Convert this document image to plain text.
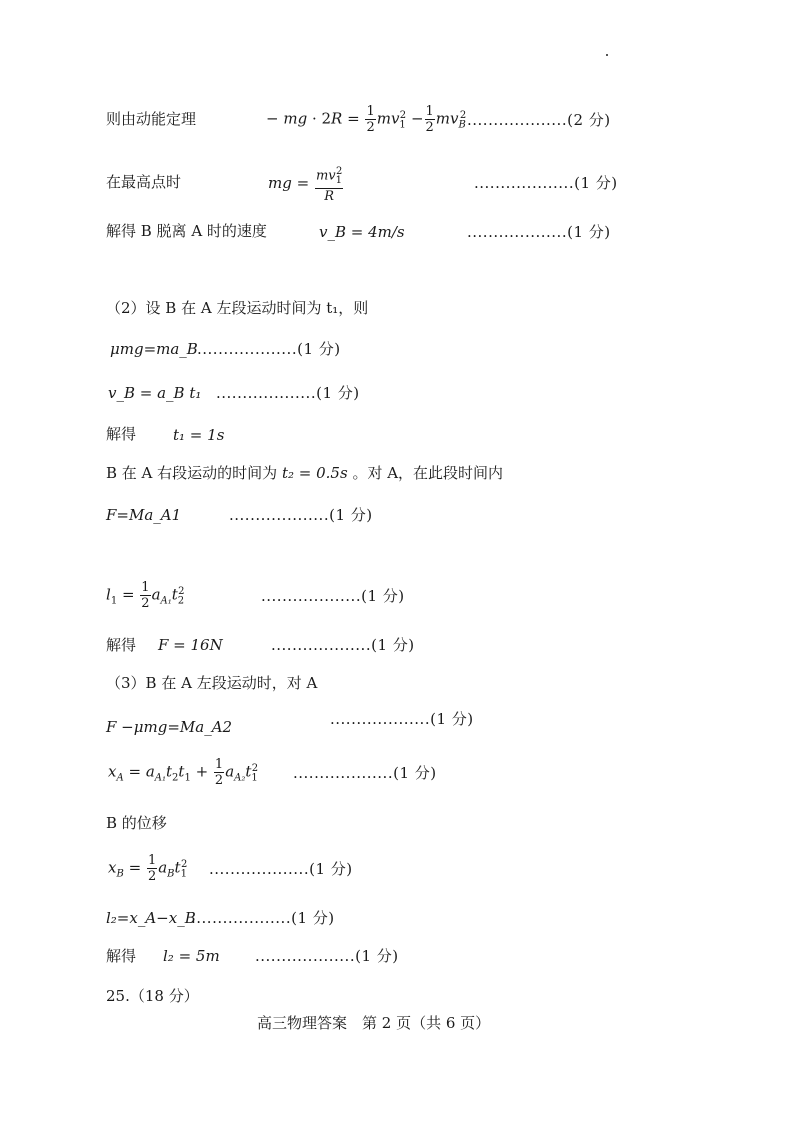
则由动能定理	− mg · $2R = \frac{1}{2} mv_1^2 - \frac{1}{2} mv_B^2$ ...................(2 分)
在最高点时	mg = $\frac{mv_1^2}{R}$	...................(1 分)
解得 B 脱离 A 时的速度	v_B = 4m/s	...................(1 分)
（2）设 B 在 A 左段运动时间为 t₁，则
μmg=ma_B ...................(1 分)
v_B = a_B t₁ ...................(1 分)
解得 t₁ = 1s
B 在 A 右段运动的时间为 t₂ = 0.5s 。对 A，在此段时间内
F=Ma_A1	...................(1 分)
$l_1 = \frac{1}{2} a_{A_1}t_2^2$	...................(1 分)
解得 F = 16N	...................(1 分)
（3）B 在 A 左段运动时，对 A
F −μmg=Ma_A2	...................(1 分)
$x_A = a_{A_1}t_2t_1 + \frac{1}{2} a_{A_2}t_1^2$ ...................(1 分)
B 的位移
$x_B = \frac{1}{2} a_Bt_1^2$ ...................(1 分)
l₂=x_A−x_B
...................(1 分)
解得 l₂ = 5m ...................(1 分)
25.（18 分）
高三物理答案　第 2 页（共 6 页）
